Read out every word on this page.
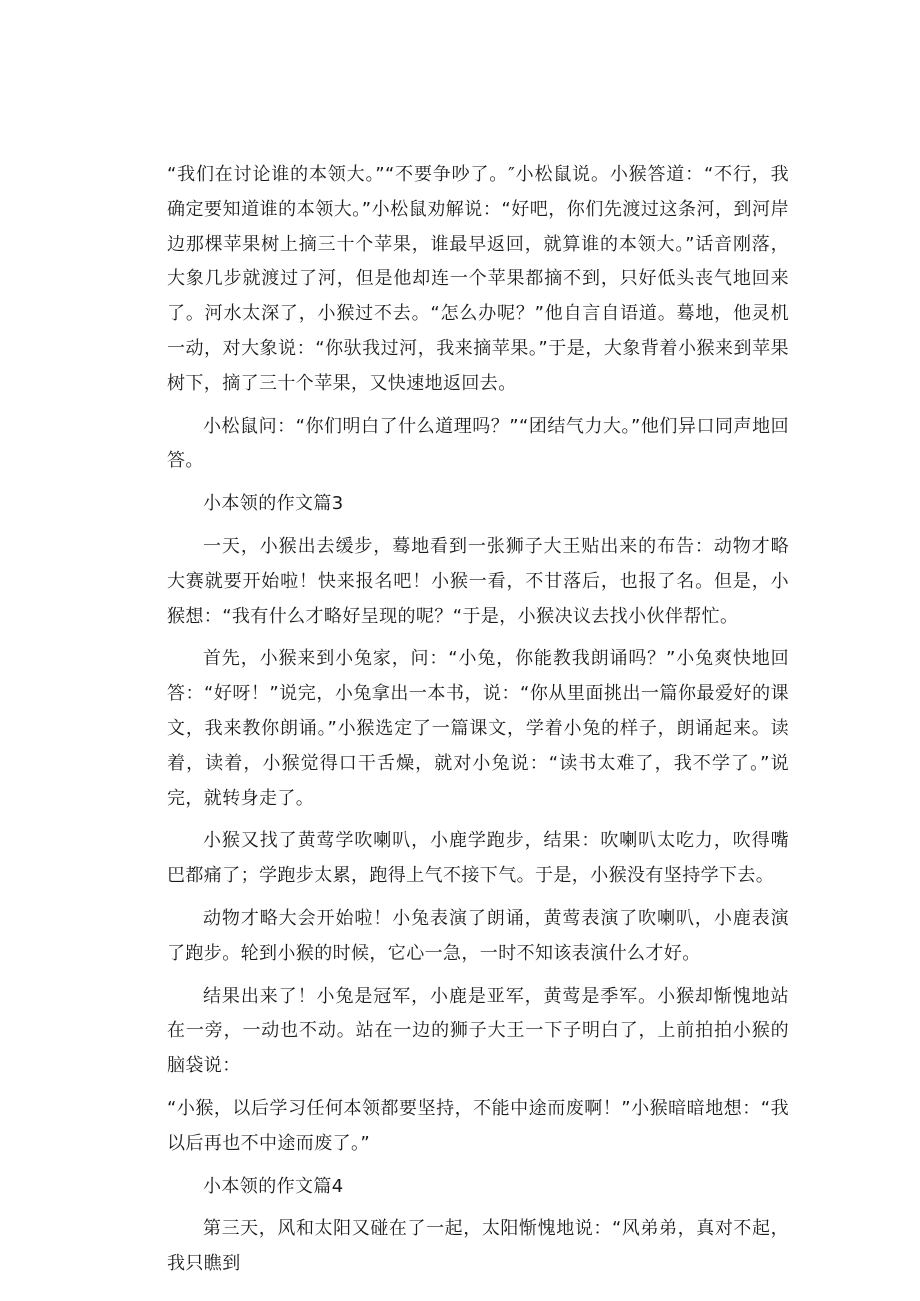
“我们在讨论谁的本领大。”“不要争吵了。″小松鼠说。小猴答道：“不行，我确定要知道谁的本领大。”小松鼠劝解说：“好吧，你们先渡过这条河，到河岸边那棵苹果树上摘三十个苹果，谁最早返回，就算谁的本领大。”话音刚落，大象几步就渡过了河，但是他却连一个苹果都摘不到，只好低头丧气地回来了。河水太深了，小猴过不去。“怎么办呢？”他自言自语道。蓦地，他灵机一动，对大象说：“你驮我过河，我来摘苹果。”于是，大象背着小猴来到苹果树下，摘了三十个苹果，又快速地返回去。

小松鼠问：“你们明白了什么道理吗？”“团结气力大。”他们异口同声地回答。

小本领的作文篇3

一天，小猴出去缓步，蓦地看到一张狮子大王贴出来的布告：动物才略大赛就要开始啦！快来报名吧！小猴一看，不甘落后，也报了名。但是，小猴想：“我有什么才略好呈现的呢？“于是，小猴决议去找小伙伴帮忙。

首先，小猴来到小兔家，问：“小兔，你能教我朗诵吗？”小兔爽快地回答：“好呀！”说完，小兔拿出一本书，说：“你从里面挑出一篇你最爱好的课文，我来教你朗诵。”小猴选定了一篇课文，学着小兔的样子，朗诵起来。读着，读着，小猴觉得口干舌燥，就对小兔说：“读书太难了，我不学了。”说完，就转身走了。

小猴又找了黄莺学吹喇叭，小鹿学跑步，结果：吹喇叭太吃力，吹得嘴巴都痛了；学跑步太累，跑得上气不接下气。于是，小猴没有坚持学下去。

动物才略大会开始啦！小兔表演了朗诵，黄莺表演了吹喇叭，小鹿表演了跑步。轮到小猴的时候，它心一急，一时不知该表演什么才好。

结果出来了！小兔是冠军，小鹿是亚军，黄莺是季军。小猴却惭愧地站在一旁，一动也不动。站在一边的狮子大王一下子明白了，上前拍拍小猴的脑袋说：

“小猴，以后学习任何本领都要坚持，不能中途而废啊！”小猴暗暗地想：“我以后再也不中途而废了。”

小本领的作文篇4

第三天，风和太阳又碰在了一起，太阳惭愧地说：“风弟弟，真对不起，我只瞧到
